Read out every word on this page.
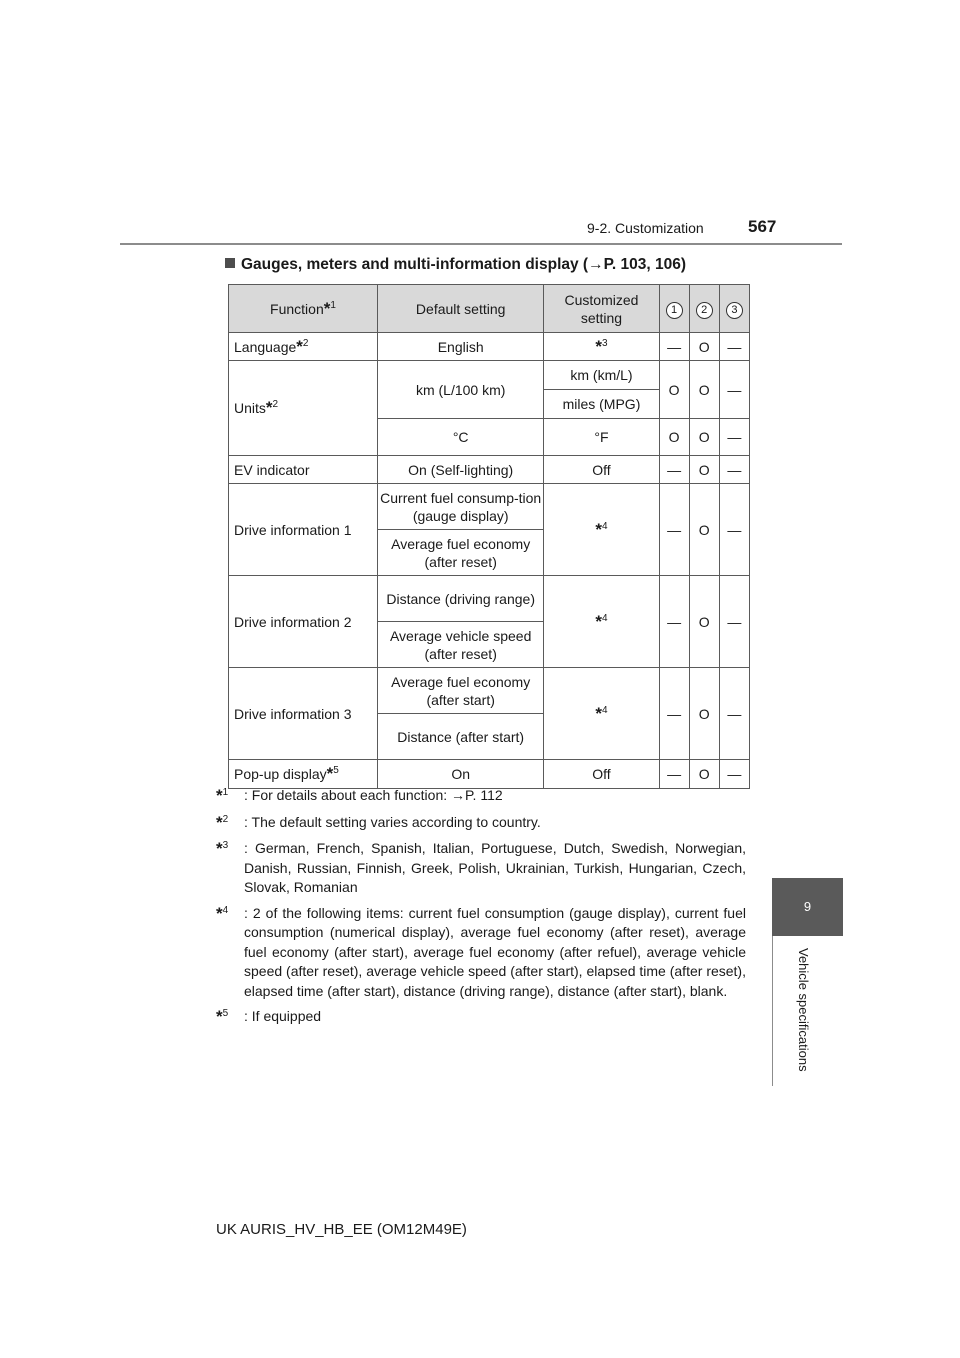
9-2. Customization	567
Gauges, meters and multi-information display (→P. 103, 106)
Function*$^1$	Default setting	Customized setting	1	2	3
Language*$^2$	English	*$^3$	—	O	—
Units*$^2$	km (L/100 km)	km (km/L)	O	O	—
		miles (MPG)			
	°C	°F	O	O	—
EV indicator	On (Self-lighting)	Off	—	O	—
Drive information 1	Current fuel consump-tion (gauge display)	*$^4$	—	O	—
	Average fuel economy (after reset)				
Drive information 2	Distance (driving range)	*$^4$	—	O	—
	Average vehicle speed (after reset)				
Drive information 3	Average fuel economy (after start)	*$^4$	—	O	—
	Distance (after start)				
Pop-up display*$^5$	On	Off	—	O	—
*$^1$	: For details about each function: →P. 112
*$^2$	: The default setting varies according to country.
*$^3$	: German, French, Spanish, Italian, Portuguese, Dutch, Swedish, Norwegian, Danish, Russian, Finnish, Greek, Polish, Ukrainian, Turkish, Hungarian, Czech, Slovak, Romanian
*$^4$	: 2 of the following items: current fuel consumption (gauge display), current fuel consumption (numerical display), average fuel economy (after reset), average fuel economy (after start), average fuel economy (after refuel), average vehicle speed (after reset), average vehicle speed (after start), elapsed time (after reset), elapsed time (after start), distance (driving range), distance (after start), blank.
*$^5$	: If equipped
9
Vehicle specifications
UK AURIS_HV_HB_EE (OM12M49E)
